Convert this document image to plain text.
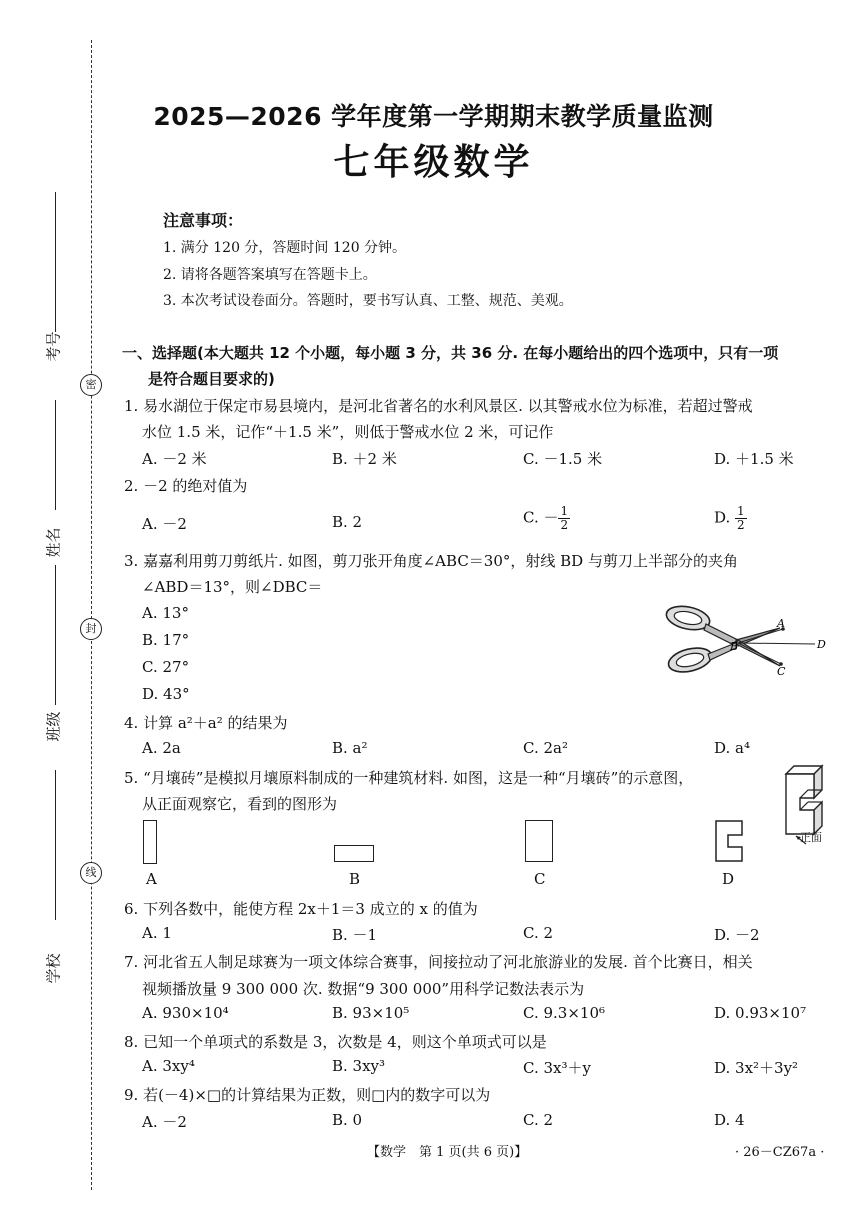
密
封
线
考号
姓名
班级
学校
2025—2026 学年度第一学期期末教学质量监测
七年级数学
注意事项：
1. 满分 120 分，答题时间 120 分钟。
2. 请将各题答案填写在答题卡上。
3. 本次考试设卷面分。答题时，要书写认真、工整、规范、美观。
一、选择题(本大题共 12 个小题，每小题 3 分，共 36 分. 在每小题给出的四个选项中，只有一项
是符合题目要求的)
1. 易水湖位于保定市易县境内，是河北省著名的水利风景区. 以其警戒水位为标准，若超过警戒
水位 1.5 米，记作“＋1.5 米”，则低于警戒水位 2 米，可记作
A. －2 米	B. ＋2 米	C. －1.5 米	D. ＋1.5 米
2. －2 的绝对值为
A. －2	B. 2	C. － $\frac{1}{2}$	D. $\frac{1}{2}$
3. 嘉嘉利用剪刀剪纸片. 如图，剪刀张开角度∠ABC＝30°，射线 BD 与剪刀上半部分的夹角
∠ABD＝13°，则∠DBC＝
A. 13°
B. 17°
C. 27°
D. 43°
A
B
C
D
4. 计算 a²＋a² 的结果为
A. 2a	B. a²	C. 2a²	D. a⁴
5. “月壤砖”是模拟月壤原料制成的一种建筑材料. 如图，这是一种“月壤砖”的示意图，
从正面观察它，看到的图形为
正面
A	B	C	D
6. 下列各数中，能使方程 2x＋1＝3 成立的 x 的值为
A. 1	B. －1	C. 2	D. －2
7. 河北省五人制足球赛为一项文体综合赛事，间接拉动了河北旅游业的发展. 首个比赛日，相关
视频播放量 9 300 000 次. 数据“9 300 000”用科学记数法表示为
A. 930×10⁴	B. 93×10⁵	C. 9.3×10⁶	D. 0.93×10⁷
8. 已知一个单项式的系数是 3，次数是 4，则这个单项式可以是
A. 3xy⁴	B. 3xy³	C. 3x³＋y	D. 3x²＋3y²
9. 若(－4)×□的计算结果为正数，则□内的数字可以为
A. －2	B. 0	C. 2	D. 4
【数学　第 1 页(共 6 页)】	· 26－CZ67a ·
